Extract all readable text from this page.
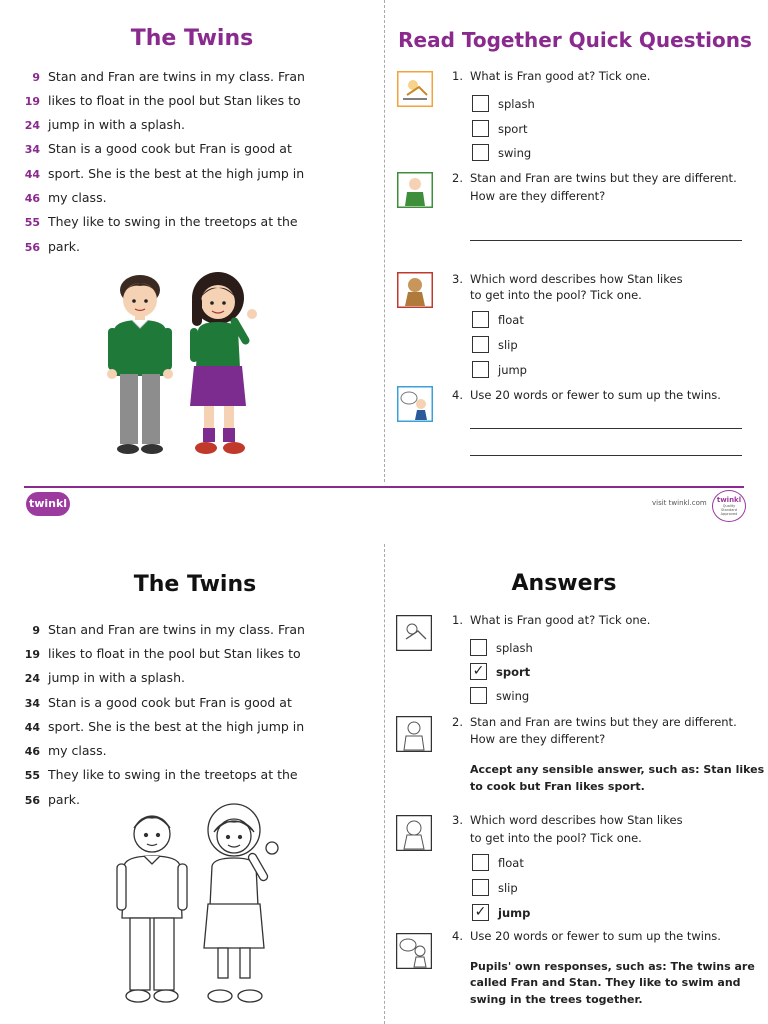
The Twins	Read Together Quick Questions
9 Stan and Fran are twins in my class. Fran
19 likes to float in the pool but Stan likes to
24 jump in with a splash.
34 Stan is a good cook but Fran is good at
44 sport. She is the best at the high jump in
46 my class.
55 They like to swing in the treetops at the
56 park.
1. What is Fran good at? Tick one.
splash
sport
swing
2. Stan and Fran are twins but they are different.
How are they different?
3. Which word describes how Stan likes
to get into the pool? Tick one.
float
slip
jump
4. Use 20 words or fewer to sum up the twins.
twinkl	visit twinkl.com	twinkl
Quality Standard Approved
The Twins	Answers
9 Stan and Fran are twins in my class. Fran
19 likes to float in the pool but Stan likes to
24 jump in with a splash.
34 Stan is a good cook but Fran is good at
44 sport. She is the best at the high jump in
46 my class.
55 They like to swing in the treetops at the
56 park.
1. What is Fran good at? Tick one.
splash
✓ sport
swing
2. Stan and Fran are twins but they are different.
How are they different?
Accept any sensible answer, such as: Stan likes
to cook but Fran likes sport.
3. Which word describes how Stan likes
to get into the pool? Tick one.
float
slip
✓ jump
4. Use 20 words or fewer to sum up the twins.
Pupils' own responses, such as: The twins are
called Fran and Stan. They like to swim and
swing in the trees together.
